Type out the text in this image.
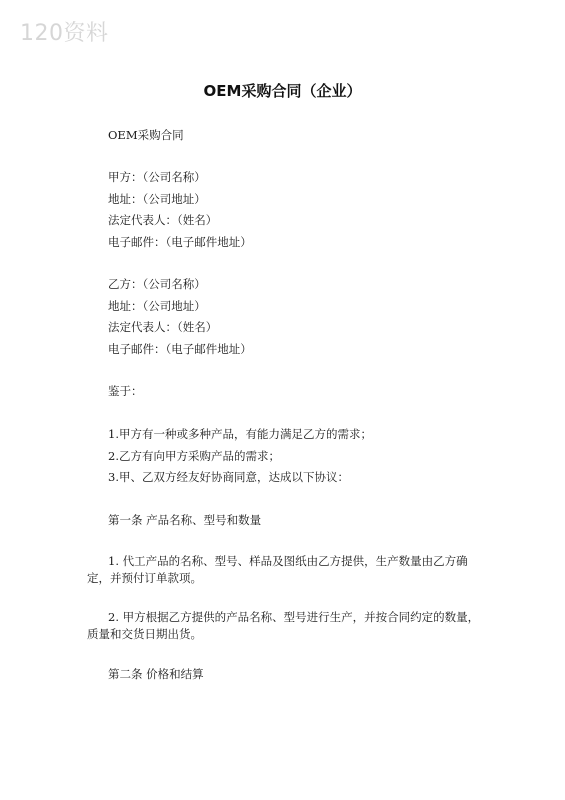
120资料
OEM采购合同（企业）
OEM采购合同
甲方：（公司名称）
地址：（公司地址）
法定代表人：（姓名）
电子邮件：（电子邮件地址）
乙方：（公司名称）
地址：（公司地址）
法定代表人：（姓名）
电子邮件：（电子邮件地址）
鉴于：
1.甲方有一种或多种产品，有能力满足乙方的需求；
2.乙方有向甲方采购产品的需求；
3.甲、乙双方经友好协商同意，达成以下协议：
第一条 产品名称、型号和数量
1. 代工产品的名称、型号、样品及图纸由乙方提供，生产数量由乙方确定，并预付订单款项。
2. 甲方根据乙方提供的产品名称、型号进行生产，并按合同约定的数量，质量和交货日期出货。
第二条 价格和结算
